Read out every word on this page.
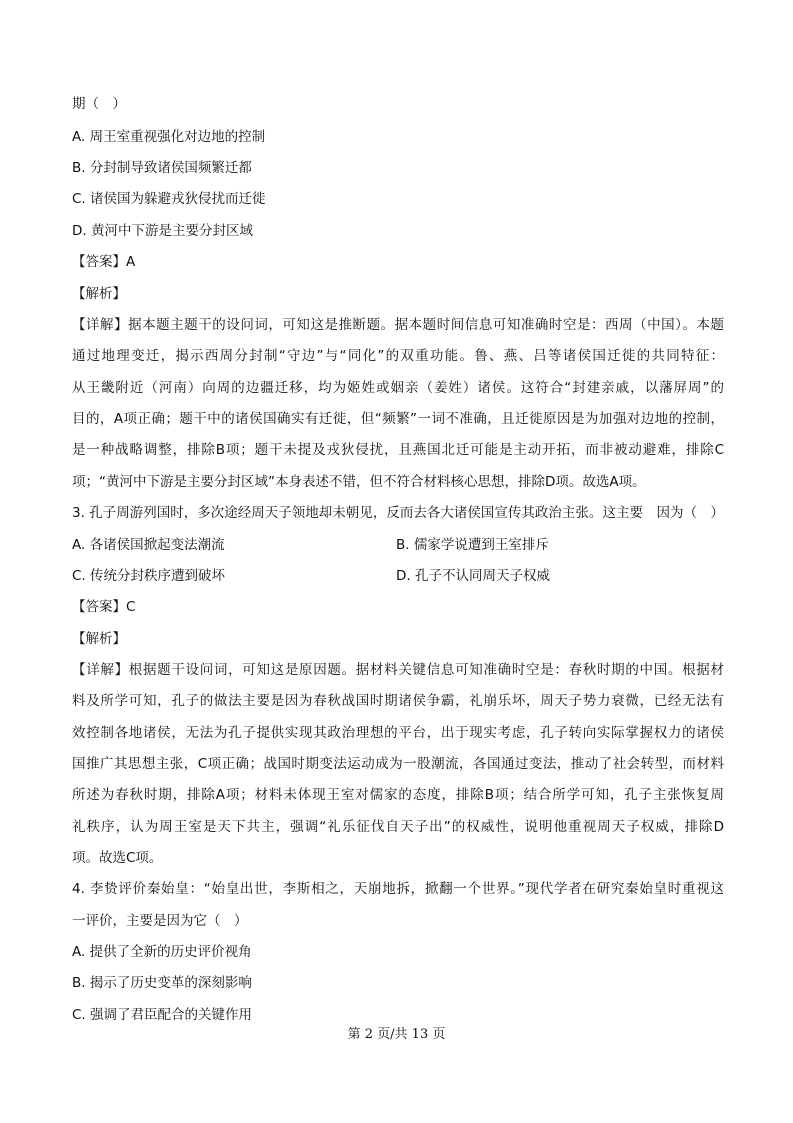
期（　）
A. 周王室重视强化对边地的控制
B. 分封制导致诸侯国频繁迁都
C. 诸侯国为躲避戎狄侵扰而迁徙
D. 黄河中下游是主要分封区域
【答案】A
【解析】
【详解】据本题主题干的设问词，可知这是推断题。据本题时间信息可知准确时空是：西周（中国）。本题
通过地理变迁，揭示西周分封制“守边”与“同化”的双重功能。鲁、燕、吕等诸侯国迁徙的共同特征：
从王畿附近（河南）向周的边疆迁移，均为姬姓或姻亲（姜姓）诸侯。这符合“封建亲戚，以藩屏周”的
目的，A项正确；题干中的诸侯国确实有迁徙，但“频繁”一词不准确，且迁徙原因是为加强对边地的控制，
是一种战略调整，排除B项；题干未提及戎狄侵扰，且燕国北迁可能是主动开拓，而非被动避难，排除C
项；“黄河中下游是主要分封区域”本身表述不错，但不符合材料核心思想，排除D项。故选A项。
3. 孔子周游列国时，多次途经周天子领地却未朝见，反而去各大诸侯国宣传其政治主张。这主要　因为（　）
A. 各诸侯国掀起变法潮流	B. 儒家学说遭到王室排斥
C. 传统分封秩序遭到破坏	D. 孔子不认同周天子权威
【答案】C
【解析】
【详解】根据题干设问词，可知这是原因题。据材料关键信息可知准确时空是：春秋时期的中国。根据材
料及所学可知，孔子的做法主要是因为春秋战国时期诸侯争霸，礼崩乐坏，周天子势力衰微，已经无法有
效控制各地诸侯，无法为孔子提供实现其政治理想的平台，出于现实考虑，孔子转向实际掌握权力的诸侯
国推广其思想主张，C项正确；战国时期变法运动成为一股潮流，各国通过变法，推动了社会转型，而材料
所述为春秋时期，排除A项；材料未体现王室对儒家的态度，排除B项；结合所学可知，孔子主张恢复周
礼秩序，认为周王室是天下共主，强调“礼乐征伐自天子出”的权威性，说明他重视周天子权威，排除D
项。故选C项。
4. 李贽评价秦始皇：“始皇出世，李斯相之，天崩地拆，掀翻一个世界。”现代学者在研究秦始皇时重视这
一评价，主要是因为它（　）
A. 提供了全新的历史评价视角
B. 揭示了历史变革的深刻影响
C. 强调了君臣配合的关键作用
第 2 页/共 13 页
